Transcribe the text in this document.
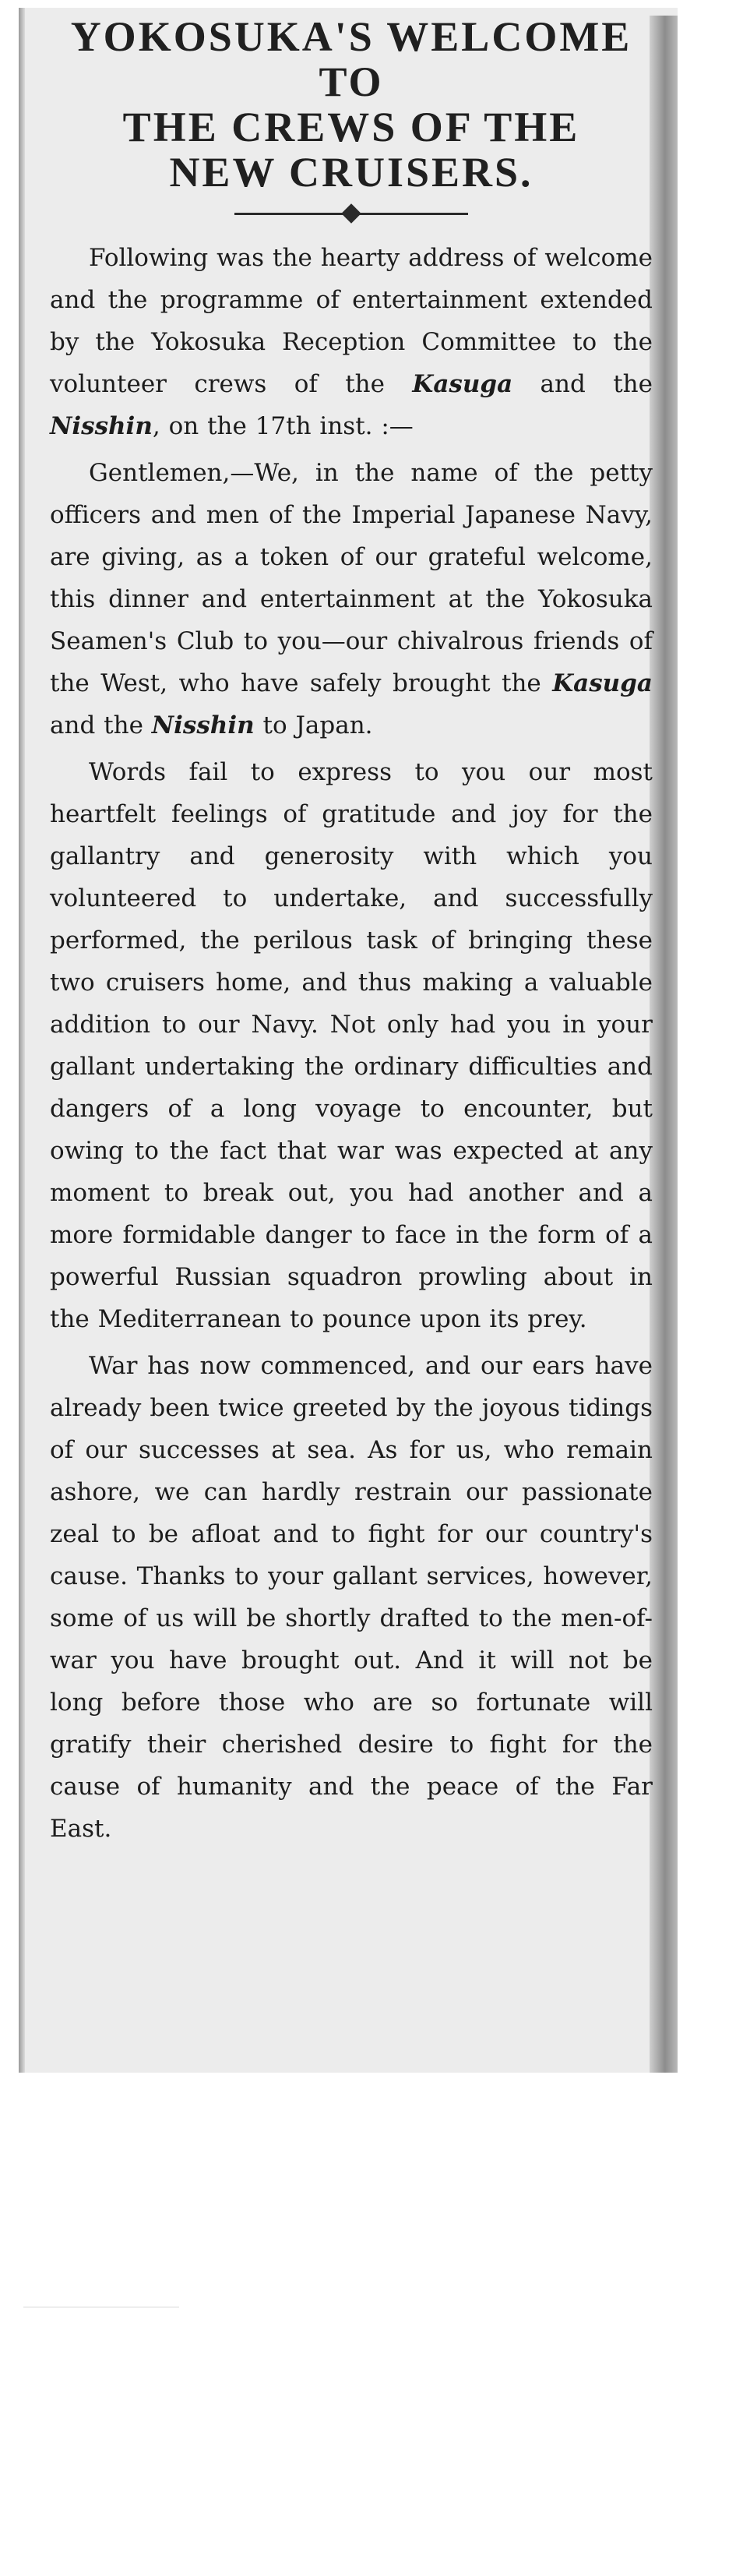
YOKOSUKA'S WELCOME TO
THE CREWS OF THE
NEW CRUISERS.

Following was the hearty address of welcome and the programme of entertainment extended by the Yokosuka Reception Committee to the volunteer crews of the Kasuga and the Nisshin, on the 17th inst. :—

Gentlemen,—We, in the name of the petty officers and men of the Imperial Japanese Navy, are giving, as a token of our grateful welcome, this dinner and entertainment at the Yokosuka Seamen's Club to you—our chivalrous friends of the West, who have safely brought the Kasuga and the Nisshin to Japan.

Words fail to express to you our most heartfelt feelings of gratitude and joy for the gallantry and generosity with which you volunteered to undertake, and successfully performed, the perilous task of bringing these two cruisers home, and thus making a valuable addition to our Navy. Not only had you in your gallant undertaking the ordinary difficulties and dangers of a long voyage to encounter, but owing to the fact that war was expected at any moment to break out, you had another and a more formidable danger to face in the form of a powerful Russian squadron prowling about in the Mediterranean to pounce upon its prey.

War has now commenced, and our ears have already been twice greeted by the joyous tidings of our successes at sea. As for us, who remain ashore, we can hardly restrain our passionate zeal to be afloat and to fight for our country's cause. Thanks to your gallant services, however, some of us will be shortly drafted to the men-of-war you have brought out. And it will not be long before those who are so fortunate will gratify their cherished desire to fight for the cause of humanity and the peace of the Far East.
